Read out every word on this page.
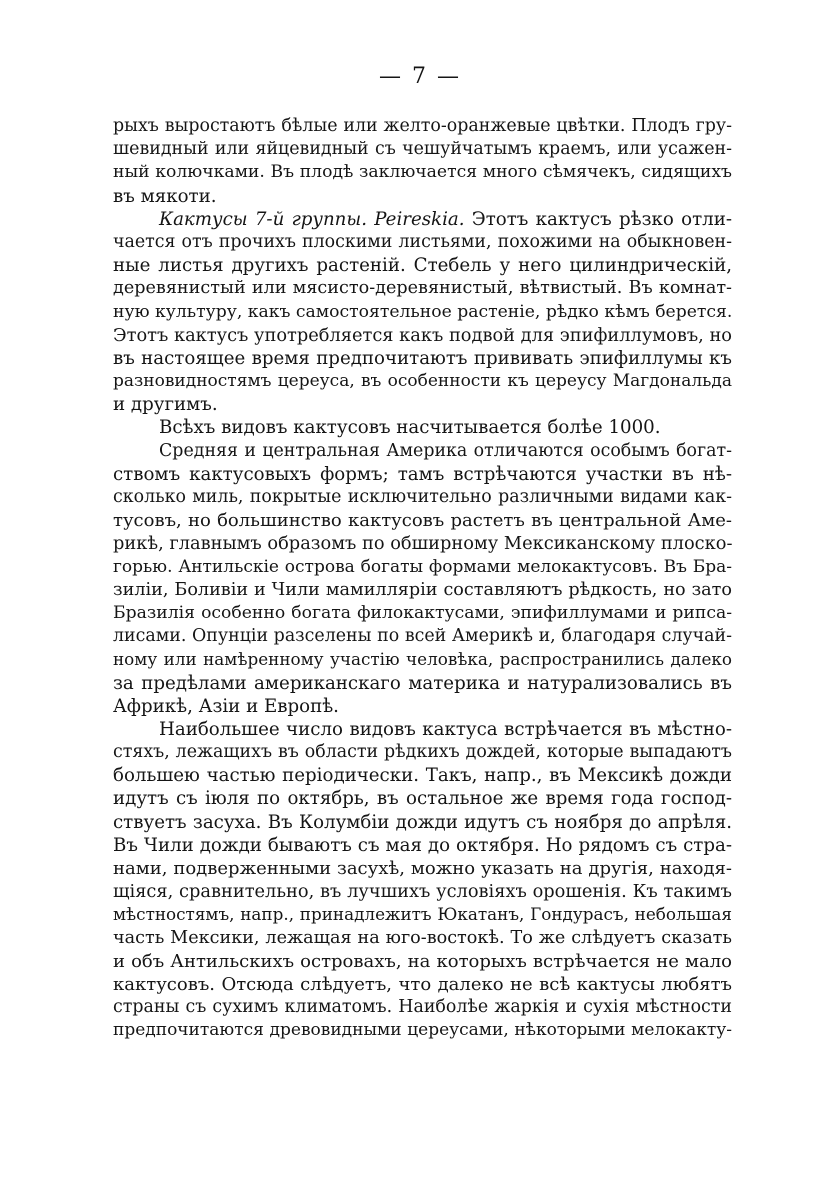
— 7 —
рыхъ выростаютъ бѣлые или желто-оранжевые цвѣтки. Плодъ гру-
шевидный или яйцевидный съ чешуйчатымъ краемъ, или усажен-
ный колючками. Въ плодѣ заключается много сѣмячекъ, сидящихъ
въ мякоти.
Кактусы 7-й группы. Peireskia. Этотъ кактусъ рѣзко отли-
чается отъ прочихъ плоскими листьями, похожими на обыкновен-
ные листья другихъ растеній. Стебель у него цилиндрическій,
деревянистый или мясисто-деревянистый, вѣтвистый. Въ комнат-
ную культуру, какъ самостоятельное растеніе, рѣдко кѣмъ берется.
Этотъ кактусъ употребляется какъ подвой для эпифиллумовъ, но
въ настоящее время предпочитаютъ прививать эпифиллумы къ
разновидностямъ цереуса, въ особенности къ цереусу Магдональда
и другимъ.
Всѣхъ видовъ кактусовъ насчитывается болѣе 1000.
Средняя и центральная Америка отличаются особымъ богат-
ствомъ кактусовыхъ формъ; тамъ встрѣчаются участки въ нѣ-
сколько миль, покрытые исключительно различными видами как-
тусовъ, но большинство кактусовъ растетъ въ центральной Аме-
рикѣ, главнымъ образомъ по обширному Мексиканскому плоско-
горью. Антильскіе острова богаты формами мелокактусовъ. Въ Бра-
зиліи, Боливіи и Чили мамилляріи составляютъ рѣдкость, но зато
Бразилія особенно богата филокактусами, эпифиллумами и рипса-
лисами. Опунціи разселены по всей Америкѣ и, благодаря случай-
ному или намѣренному участію человѣка, распространились далеко
за предѣлами американскаго материка и натурализовались въ
Африкѣ, Азіи и Европѣ.
Наибольшее число видовъ кактуса встрѣчается въ мѣстно-
стяхъ, лежащихъ въ области рѣдкихъ дождей, которые выпадаютъ
большею частью періодически. Такъ, напр., въ Мексикѣ дожди
идутъ съ іюля по октябрь, въ остальное же время года господ-
ствуетъ засуха. Въ Колумбіи дожди идутъ съ ноября до апрѣля.
Въ Чили дожди бываютъ съ мая до октября. Но рядомъ съ стра-
нами, подверженными засухѣ, можно указать на другія, находя-
щіяся, сравнительно, въ лучшихъ условіяхъ орошенія. Къ такимъ
мѣстностямъ, напр., принадлежитъ Юкатанъ, Гондурасъ, небольшая
часть Мексики, лежащая на юго-востокѣ. То же слѣдуетъ сказать
и объ Антильскихъ островахъ, на которыхъ встрѣчается не мало
кактусовъ. Отсюда слѣдуетъ, что далеко не всѣ кактусы любятъ
страны съ сухимъ климатомъ. Наиболѣе жаркія и сухія мѣстности
предпочитаются древовидными цереусами, нѣкоторыми мелокакту-
